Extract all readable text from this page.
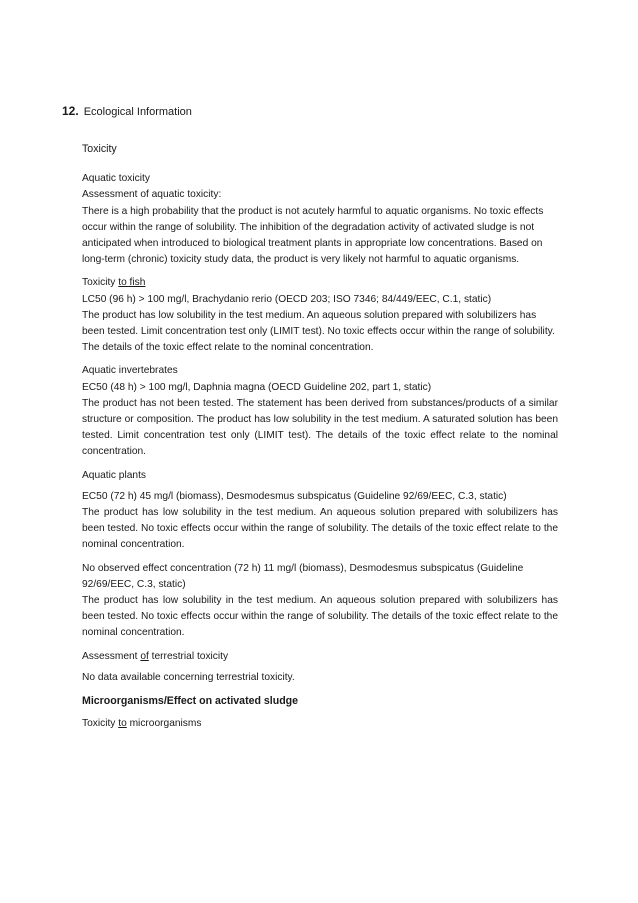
12. Ecological Information
Toxicity

Aquatic toxicity

Assessment of aquatic toxicity:

There is a high probability that the product is not acutely harmful to aquatic organisms. No toxic effects occur within the range of solubility. The inhibition of the degradation activity of activated sludge is not anticipated when introduced to biological treatment plants in appropriate low concentrations. Based on long-term (chronic) toxicity study data, the product is very likely not harmful to aquatic organisms.

Toxicity to fish

LC50 (96 h) > 100 mg/l, Brachydanio rerio (OECD 203; ISO 7346; 84/449/EEC, C.1, static)

The product has low solubility in the test medium. An aqueous solution prepared with solubilizers has been tested. Limit concentration test only (LIMIT test). No toxic effects occur within the range of solubility. The details of the toxic effect relate to the nominal concentration.

Aquatic invertebrates

EC50 (48 h) > 100 mg/l, Daphnia magna (OECD Guideline 202, part 1, static)

The product has not been tested. The statement has been derived from substances/products of a similar structure or composition. The product has low solubility in the test medium. A saturated solution has been tested. Limit concentration test only (LIMIT test). The details of the toxic effect relate to the nominal concentration.

Aquatic plants

EC50 (72 h) 45 mg/l (biomass), Desmodesmus subspicatus (Guideline 92/69/EEC, C.3, static)

The product has low solubility in the test medium. An aqueous solution prepared with solubilizers has been tested. No toxic effects occur within the range of solubility. The details of the toxic effect relate to the nominal concentration.

No observed effect concentration (72 h) 11 mg/l (biomass), Desmodesmus subspicatus (Guideline 92/69/EEC, C.3, static)

The product has low solubility in the test medium. An aqueous solution prepared with solubilizers has been tested. No toxic effects occur within the range of solubility. The details of the toxic effect relate to the nominal concentration.

Assessment of terrestrial toxicity

No data available concerning terrestrial toxicity.

Microorganisms/Effect on activated sludge

Toxicity to microorganisms
